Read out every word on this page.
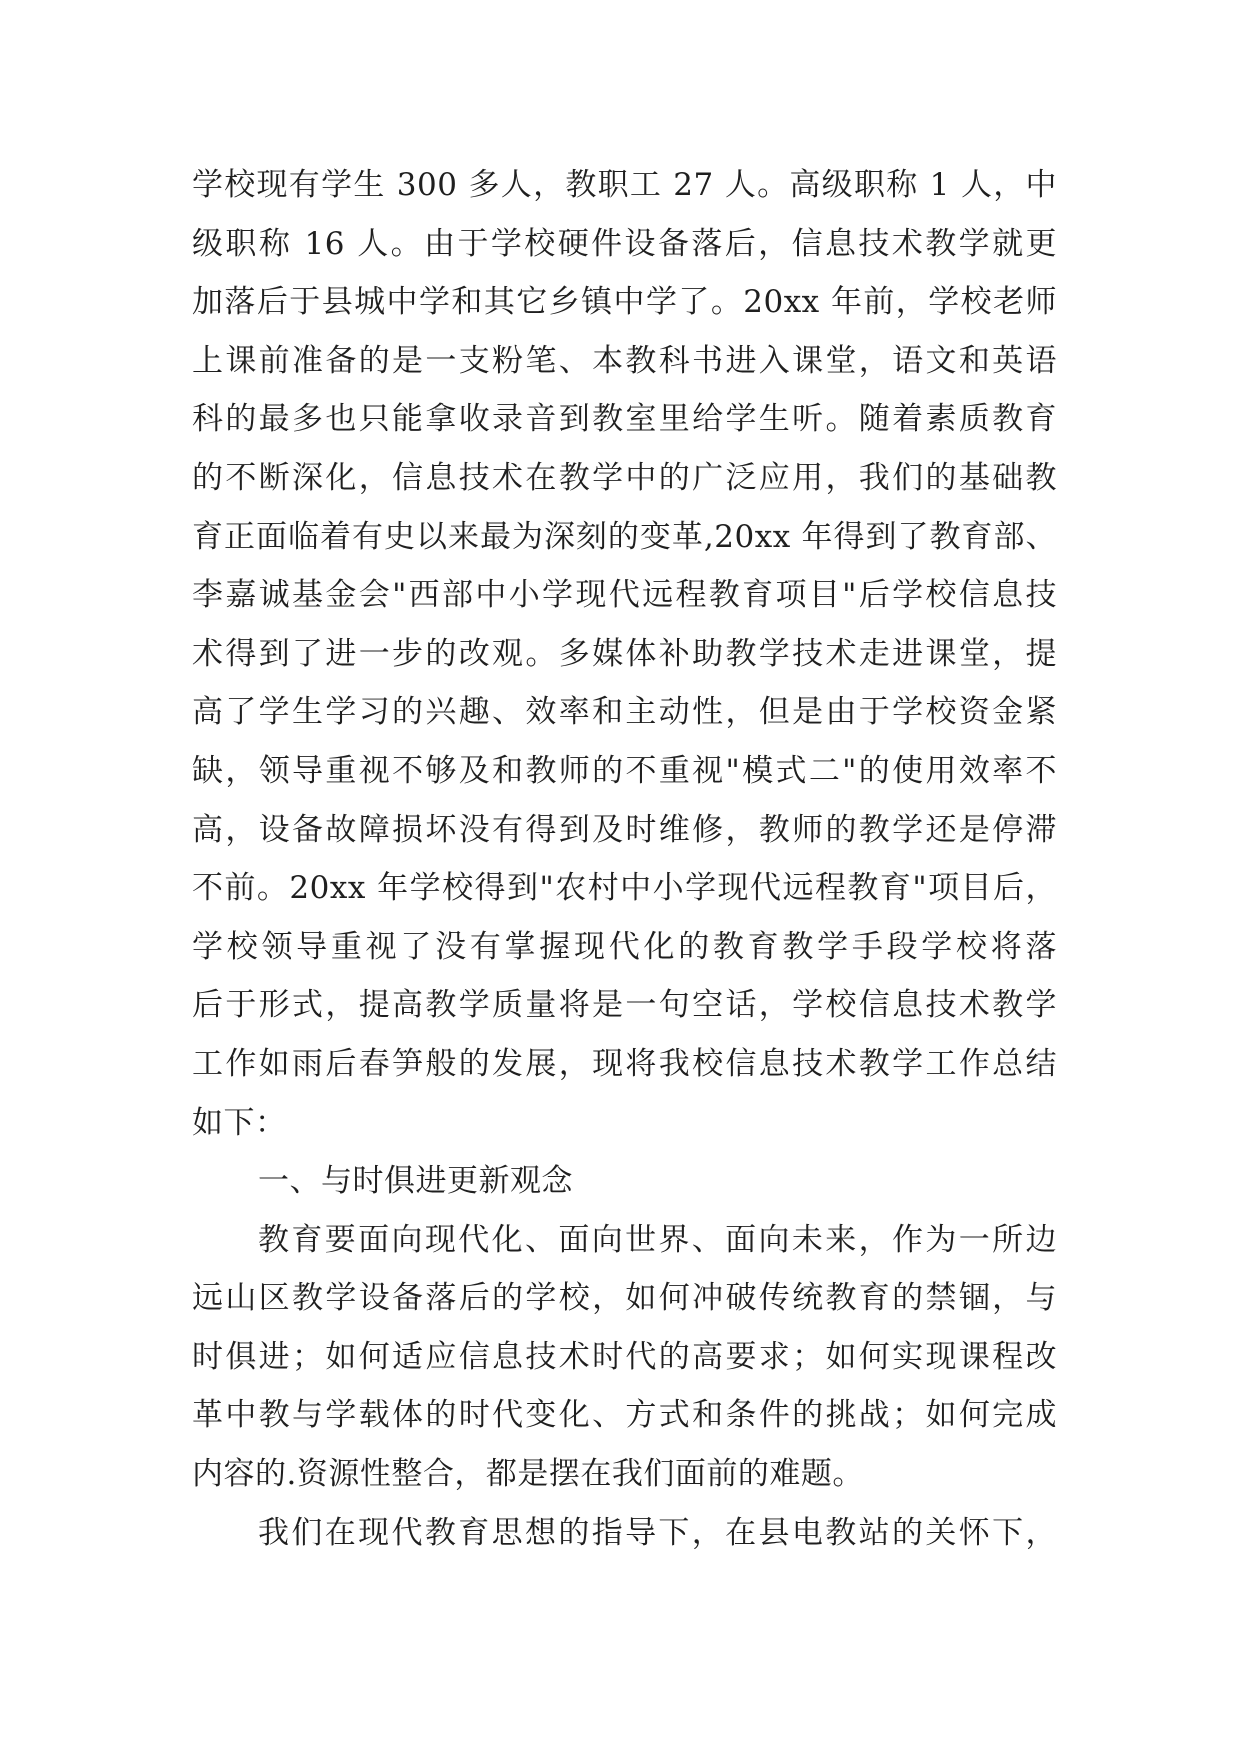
学校现有学生 300 多人，教职工 27 人。高级职称 1 人，中
级职称 16 人。由于学校硬件设备落后，信息技术教学就更
加落后于县城中学和其它乡镇中学了。20xx 年前，学校老师
上课前准备的是一支粉笔、本教科书进入课堂，语文和英语
科的最多也只能拿收录音到教室里给学生听。随着素质教育
的不断深化，信息技术在教学中的广泛应用，我们的基础教
育正面临着有史以来最为深刻的变革,20xx 年得到了教育部、
李嘉诚基金会"西部中小学现代远程教育项目"后学校信息技
术得到了进一步的改观。多媒体补助教学技术走进课堂，提
高了学生学习的兴趣、效率和主动性，但是由于学校资金紧
缺，领导重视不够及和教师的不重视"模式二"的使用效率不
高，设备故障损坏没有得到及时维修，教师的教学还是停滞
不前。20xx 年学校得到"农村中小学现代远程教育"项目后，
学校领导重视了没有掌握现代化的教育教学手段学校将落
后于形式，提高教学质量将是一句空话，学校信息技术教学
工作如雨后春笋般的发展，现将我校信息技术教学工作总结
如下：
一、与时俱进更新观念
教育要面向现代化、面向世界、面向未来，作为一所边
远山区教学设备落后的学校，如何冲破传统教育的禁锢，与
时俱进；如何适应信息技术时代的高要求；如何实现课程改
革中教与学载体的时代变化、方式和条件的挑战；如何完成
内容的.资源性整合，都是摆在我们面前的难题。
我们在现代教育思想的指导下，在县电教站的关怀下，
